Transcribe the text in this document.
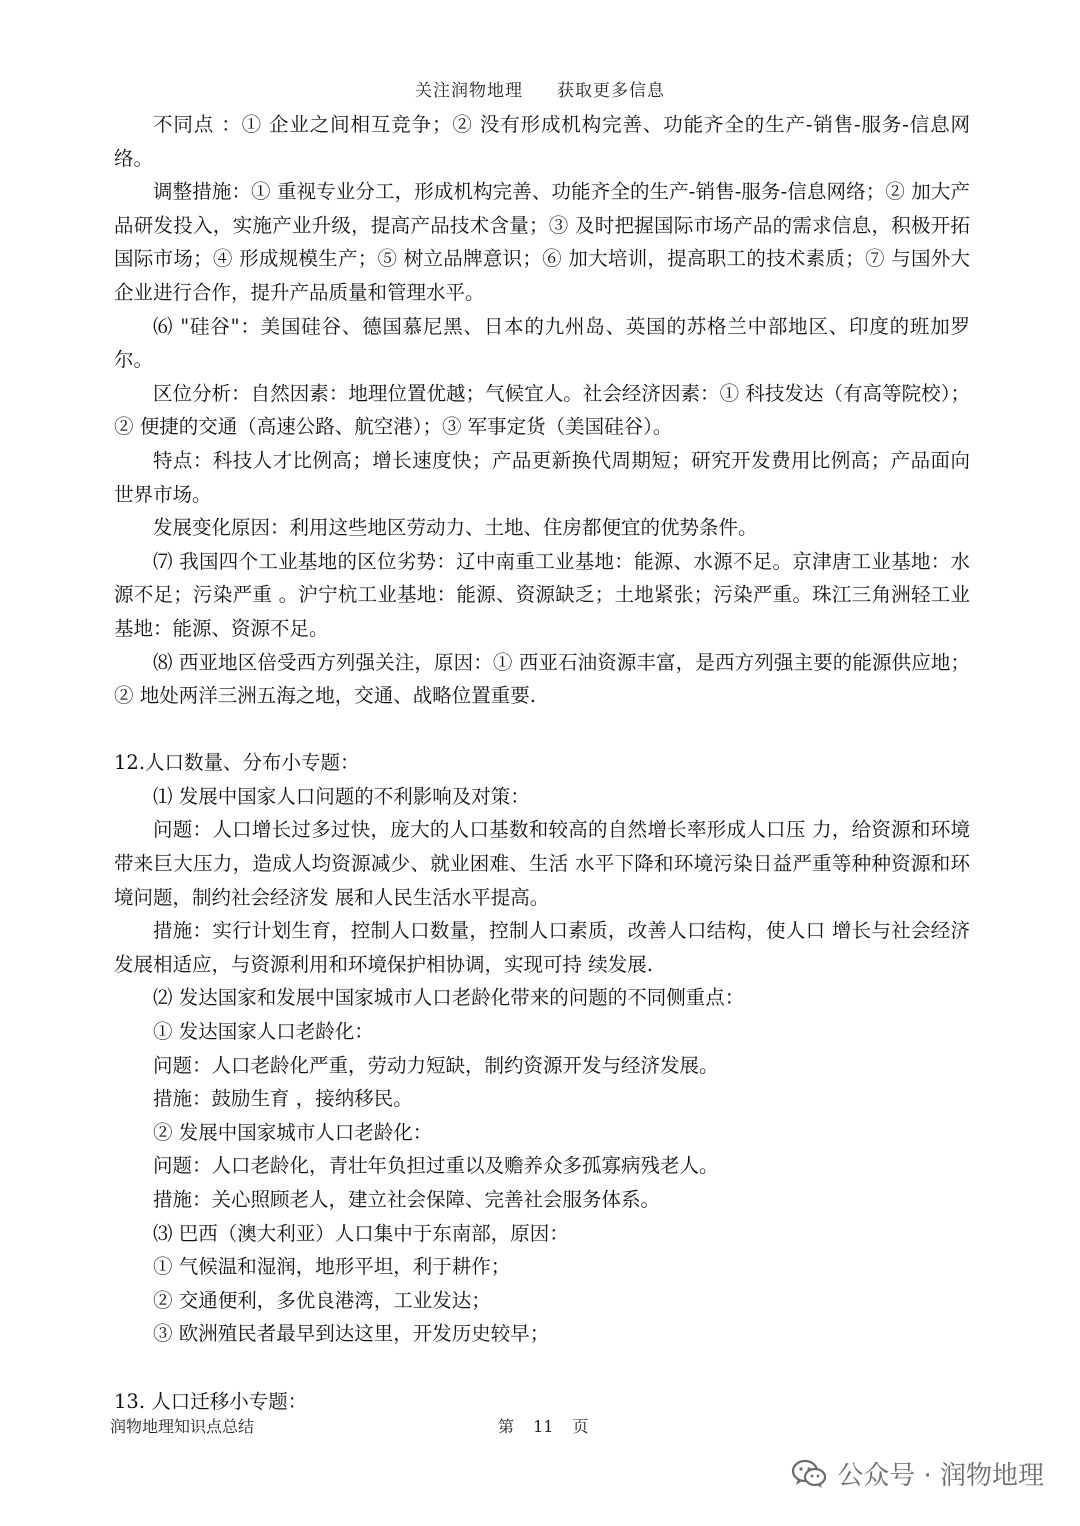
关注润物地理 获取更多信息

不同点 ：① 企业之间相互竞争；② 没有形成机构完善、功能齐全的生产-销售-服务-信息网络。

调整措施：① 重视专业分工，形成机构完善、功能齐全的生产-销售-服务-信息网络；② 加大产品研发投入，实施产业升级，提高产品技术含量；③ 及时把握国际市场产品的需求信息，积极开拓国际市场；④ 形成规模生产；⑤ 树立品牌意识；⑥ 加大培训，提高职工的技术素质；⑦ 与国外大企业进行合作，提升产品质量和管理水平。

⑹ "硅谷"：美国硅谷、德国慕尼黑、日本的九州岛、英国的苏格兰中部地区、印度的班加罗尔。

区位分析：自然因素：地理位置优越；气候宜人。社会经济因素：① 科技发达（有高等院校）；② 便捷的交通（高速公路、航空港）；③ 军事定货（美国硅谷）。

特点：科技人才比例高；增长速度快；产品更新换代周期短；研究开发费用比例高；产品面向世界市场。

发展变化原因：利用这些地区劳动力、土地、住房都便宜的优势条件。

⑺ 我国四个工业基地的区位劣势：辽中南重工业基地：能源、水源不足。京津唐工业基地：水源不足；污染严重 。沪宁杭工业基地：能源、资源缺乏；土地紧张；污染严重。珠江三角洲轻工业基地：能源、资源不足。

⑻ 西亚地区倍受西方列强关注，原因：① 西亚石油资源丰富，是西方列强主要的能源供应地；② 地处两洋三洲五海之地，交通、战略位置重要.

12.人口数量、分布小专题：

⑴ 发展中国家人口问题的不利影响及对策：

问题：人口增长过多过快，庞大的人口基数和较高的自然增长率形成人口压 力，给资源和环境带来巨大压力，造成人均资源减少、就业困难、生活 水平下降和环境污染日益严重等种种资源和环境问题，制约社会经济发 展和人民生活水平提高。

措施：实行计划生育，控制人口数量，控制人口素质，改善人口结构，使人口 增长与社会经济发展相适应，与资源利用和环境保护相协调，实现可持 续发展.

⑵ 发达国家和发展中国家城市人口老龄化带来的问题的不同侧重点：

① 发达国家人口老龄化：

问题：人口老龄化严重，劳动力短缺，制约资源开发与经济发展。

措施：鼓励生育 ，接纳移民。

② 发展中国家城市人口老龄化：

问题：人口老龄化，青壮年负担过重以及赡养众多孤寡病残老人。

措施：关心照顾老人，建立社会保障、完善社会服务体系。

⑶ 巴西（澳大利亚）人口集中于东南部，原因：

① 气候温和湿润，地形平坦，利于耕作；

② 交通便利，多优良港湾，工业发达；

③ 欧洲殖民者最早到达这里，开发历史较早；

13. 人口迁移小专题：

润物地理知识点总结	第 11 页
公众号 · 润物地理
